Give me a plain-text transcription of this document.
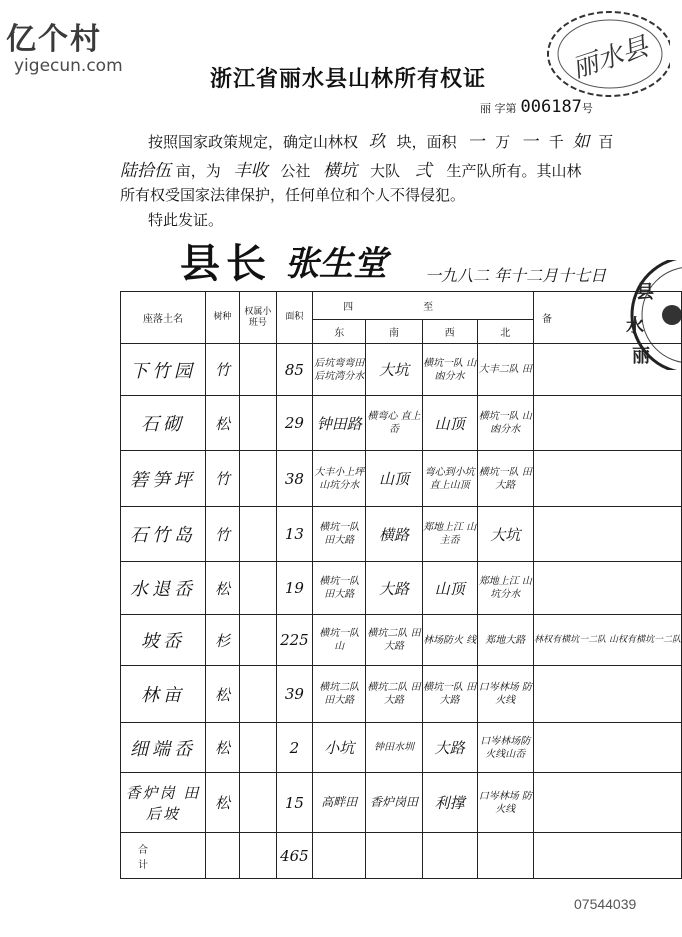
亿个村
yigecun.com	丽水县
浙江省丽水县山林所有权证
丽 字第 006187号
按照国家政策规定，确定山林权 玖 块，面积 一 万 一 千 如 百
陆拾伍 亩，为 丰收 公社 横坑 大队 弍 生产队所有。其山林
所有权受国家法律保护，任何单位和个人不得侵犯。
特此发证。
县长 张生堂 一九八二 年十二月十七日
县
水
丽
座落土名	树种	权属小班号	面积	四至				备
				东	南	西	北	
下竹园	竹		85	后坑弯弯田 后坑湾分水	大坑	横坑一队 山凼分水	大丰二队 田	
石砌	松		29	钟田路	横弯心 直上岙	山顶	横坑一队 山凼分水	
箬笋坪	竹		38	大丰小上坪 山坑分水	山顶	弯心到小坑 直上山顶	横坑一队 田大路	
石竹岛	竹		13	横坑一队 田大路	横路	郑地上江 山主岙	大坑	
水退岙	松		19	横坑一队 田大路	大路	山顶	郑地上江 山坑分水	
坡岙	杉		225	横坑一队 山	横坑二队 田大路	林场防火 线	郑地大路	林权有横坑一二队 山权有横坑一二队
林亩	松		39	横坑二队 田大路	横坑二队 田大路	横坑一队 田大路	口岑林场 防火线	
细端岙	松		2	小坑	钟田水圳	大路	口岑林场防 火线山岙	
香炉岗 田后坡	松		15	高畔田	香炉岗田	利撑	口岑林场 防火线	
合 计			465					
07544039
